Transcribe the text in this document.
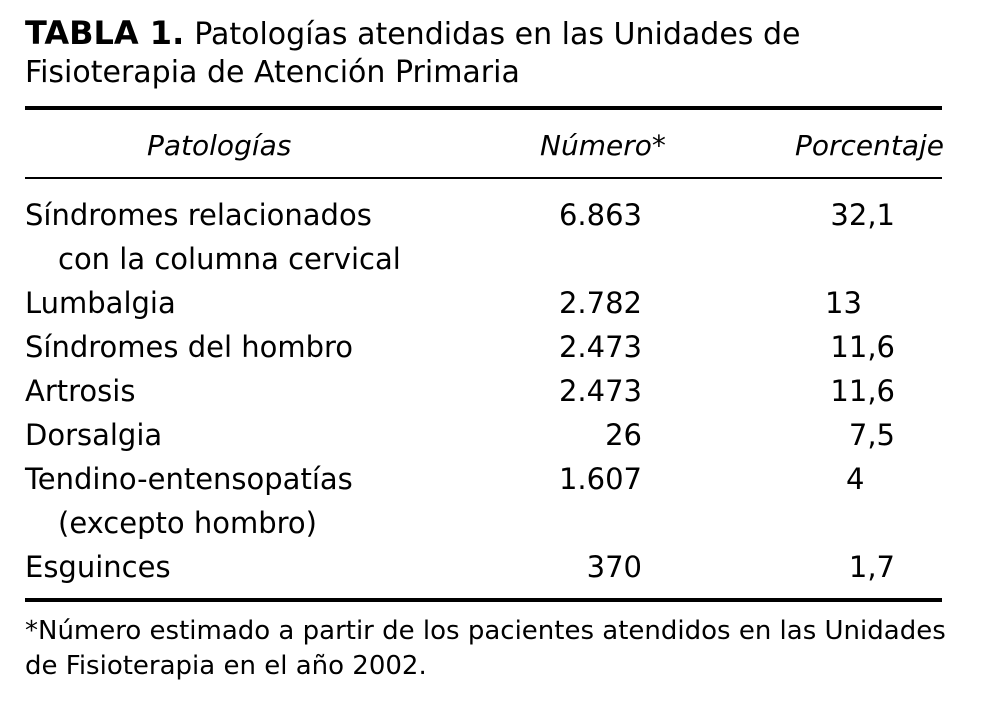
TABLA 1. Patologías atendidas en las Unidades de Fisioterapia de Atención Primaria
Patologías	Número*	Porcentaje
Síndromes relacionados
con la columna cervical
6.863	32,1
Lumbalgia	2.782	13
Síndromes del hombro	2.473	11,6
Artrosis	2.473	11,6
Dorsalgia	26	7,5
Tendino-entensopatías
(excepto hombro)
1.607	4
Esguinces	370	1,7
*Número estimado a partir de los pacientes atendidos en las Unidades de Fisioterapia en el año 2002.
